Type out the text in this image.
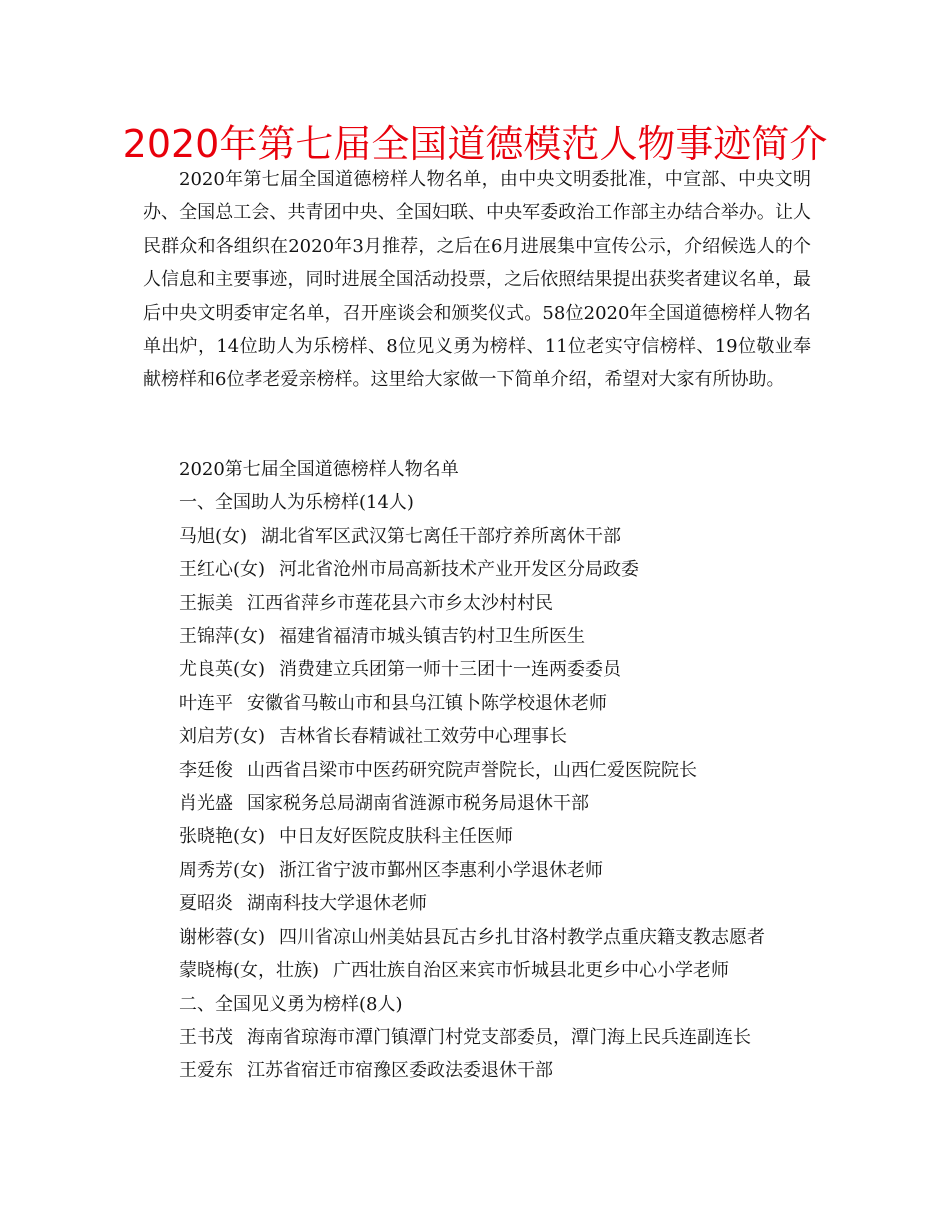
2020年第七届全国道德模范人物事迹简介

2020年第七届全国道德榜样人物名单，由中央文明委批准，中宣部、中央文明办、全国总工会、共青团中央、全国妇联、中央军委政治工作部主办结合举办。让人民群众和各组织在2020年3月推荐，之后在6月进展集中宣传公示，介绍候选人的个人信息和主要事迹，同时进展全国活动投票，之后依照结果提出获奖者建议名单，最后中央文明委审定名单，召开座谈会和颁奖仪式。58位2020年全国道德榜样人物名单出炉，14位助人为乐榜样、8位见义勇为榜样、11位老实守信榜样、19位敬业奉献榜样和6位孝老爱亲榜样。这里给大家做一下简单介绍，希望对大家有所协助。

2020第七届全国道德榜样人物名单
一、全国助人为乐榜样(14人)
马旭(女) 湖北省军区武汉第七离任干部疗养所离休干部
王红心(女) 河北省沧州市局高新技术产业开发区分局政委
王振美 江西省萍乡市莲花县六市乡太沙村村民
王锦萍(女) 福建省福清市城头镇吉钓村卫生所医生
尤良英(女) 消费建立兵团第一师十三团十一连两委委员
叶连平 安徽省马鞍山市和县乌江镇卜陈学校退休老师
刘启芳(女) 吉林省长春精诚社工效劳中心理事长
李廷俊 山西省吕梁市中医药研究院声誉院长，山西仁爱医院院长
肖光盛 国家税务总局湖南省涟源市税务局退休干部
张晓艳(女) 中日友好医院皮肤科主任医师
周秀芳(女) 浙江省宁波市鄞州区李惠利小学退休老师
夏昭炎 湖南科技大学退休老师
谢彬蓉(女) 四川省凉山州美姑县瓦古乡扎甘洛村教学点重庆籍支教志愿者
蒙晓梅(女，壮族) 广西壮族自治区来宾市忻城县北更乡中心小学老师
二、全国见义勇为榜样(8人)
王书茂 海南省琼海市潭门镇潭门村党支部委员，潭门海上民兵连副连长
王爱东 江苏省宿迁市宿豫区委政法委退休干部
